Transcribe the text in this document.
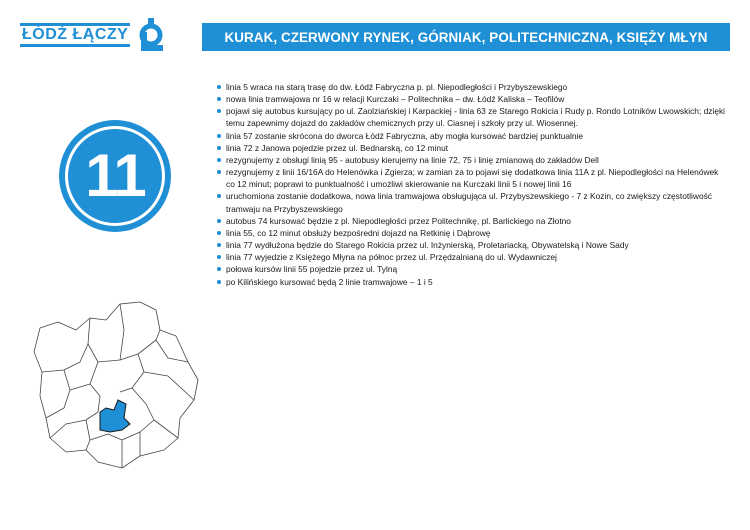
ŁÓDŹ ŁĄCZY	KURAK, CZERWONY RYNEK, GÓRNIAK, POLITECHNICZNA, KSIĘŻY MŁYN
11
linia 5 wraca na starą trasę do dw. Łódź Fabryczna p. pl. Niepodległości i Przybyszewskiego
nowa linia tramwajowa nr 16 w relacji Kurczaki – Politechnika – dw. Łódź Kaliska – Teofilów
pojawi się autobus kursujący po ul. Zaolziańskiej i Karpackiej - linia 63 ze Starego Rokicia i Rudy p. Rondo Lotników Lwowskich; dzięki temu zapewnimy dojazd do zakładów chemicznych przy ul. Ciasnej i szkoły przy ul. Wiosennej.
linia 57 zostanie skrócona do dworca Łódź Fabryczna, aby mogła kursować bardziej punktualnie
linia 72 z Janowa pojedzie przez ul. Bednarską, co 12 minut
rezygnujemy z obsługi linią 95 - autobusy kierujemy na linie 72, 75 i linię zmianową do zakładów Dell
rezygnujemy z linii 16/16A do Helenówka i Zgierza; w zamian za to pojawi się dodatkowa linia 11A z pl. Niepodległości na Helenówek co 12 minut; poprawi to punktualność i umożliwi skierowanie na Kurczaki linii 5 i nowej linii 16
uruchomiona zostanie dodatkowa, nowa linia tramwajowa obsługująca ul. Przybyszewskiego - 7 z Kozin, co zwiększy częstotliwość tramwaju na Przybyszewskiego
autobus 74 kursować będzie z pl. Niepodległości przez Politechnikę, pl. Barlickiego na Złotno
linia 55, co 12 minut obsłuży bezpośredni dojazd na Retkinię i Dąbrowę
linia 77 wydłużona będzie do Starego Rokicia przez ul. Inżynierską, Proletariacką, Obywatelską i Nowe Sady
linia 77 wyjedzie z Księżego Młyna na północ przez ul. Przędzalnianą do ul. Wydawniczej
połowa kursów linii 55 pojedzie przez ul. Tylną
po Kilińskiego kursować będą 2 linie tramwajowe – 1 i 5
